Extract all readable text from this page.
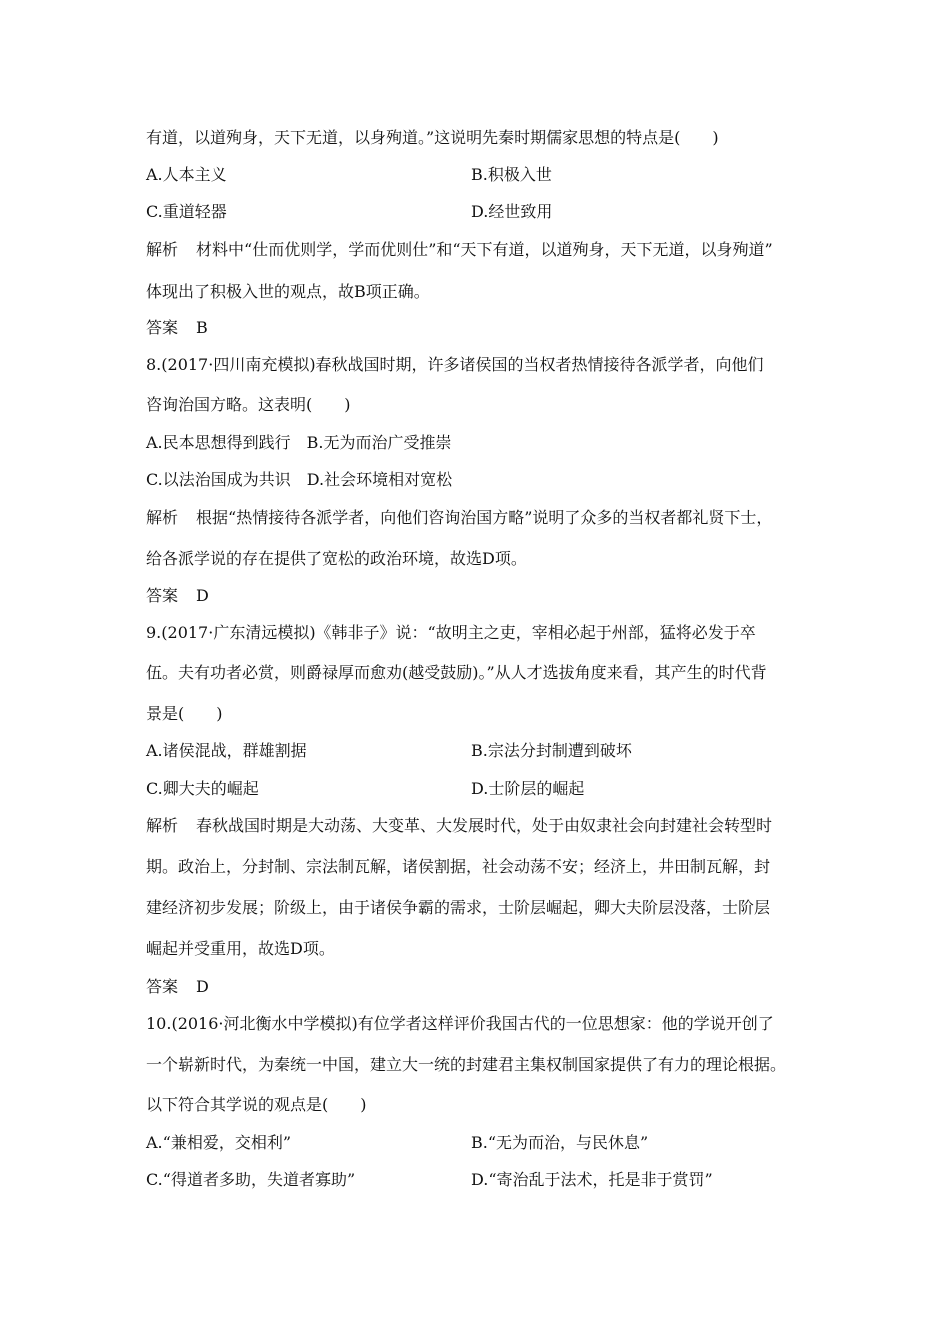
有道，以道殉身，天下无道，以身殉道。”这说明先秦时期儒家思想的特点是(　　)
A.人本主义	B.积极入世
C.重道轻器	D.经世致用
解析 材料中“仕而优则学，学而优则仕”和“天下有道，以道殉身，天下无道，以身殉道”
体现出了积极入世的观点，故B项正确。
答案 B
8.(2017·四川南充模拟)春秋战国时期，许多诸侯国的当权者热情接待各派学者，向他们
咨询治国方略。这表明(　　)
A.民本思想得到践行　B.无为而治广受推崇
C.以法治国成为共识　D.社会环境相对宽松
解析 根据“热情接待各派学者，向他们咨询治国方略”说明了众多的当权者都礼贤下士，
给各派学说的存在提供了宽松的政治环境，故选D项。
答案 D
9.(2017·广东清远模拟)《韩非子》说：“故明主之吏，宰相必起于州部，猛将必发于卒
伍。夫有功者必赏，则爵禄厚而愈劝(越受鼓励)。”从人才选拔角度来看，其产生的时代背
景是(　　)
A.诸侯混战，群雄割据	B.宗法分封制遭到破坏
C.卿大夫的崛起	D.士阶层的崛起
解析 春秋战国时期是大动荡、大变革、大发展时代，处于由奴隶社会向封建社会转型时
期。政治上，分封制、宗法制瓦解，诸侯割据，社会动荡不安；经济上，井田制瓦解，封
建经济初步发展；阶级上，由于诸侯争霸的需求，士阶层崛起，卿大夫阶层没落，士阶层
崛起并受重用，故选D项。
答案 D
10.(2016·河北衡水中学模拟)有位学者这样评价我国古代的一位思想家：他的学说开创了
一个崭新时代，为秦统一中国，建立大一统的封建君主集权制国家提供了有力的理论根据。
以下符合其学说的观点是(　　)
A.“兼相爱，交相利”	B.“无为而治，与民休息”
C.“得道者多助，失道者寡助”	D.“寄治乱于法术，托是非于赏罚”
